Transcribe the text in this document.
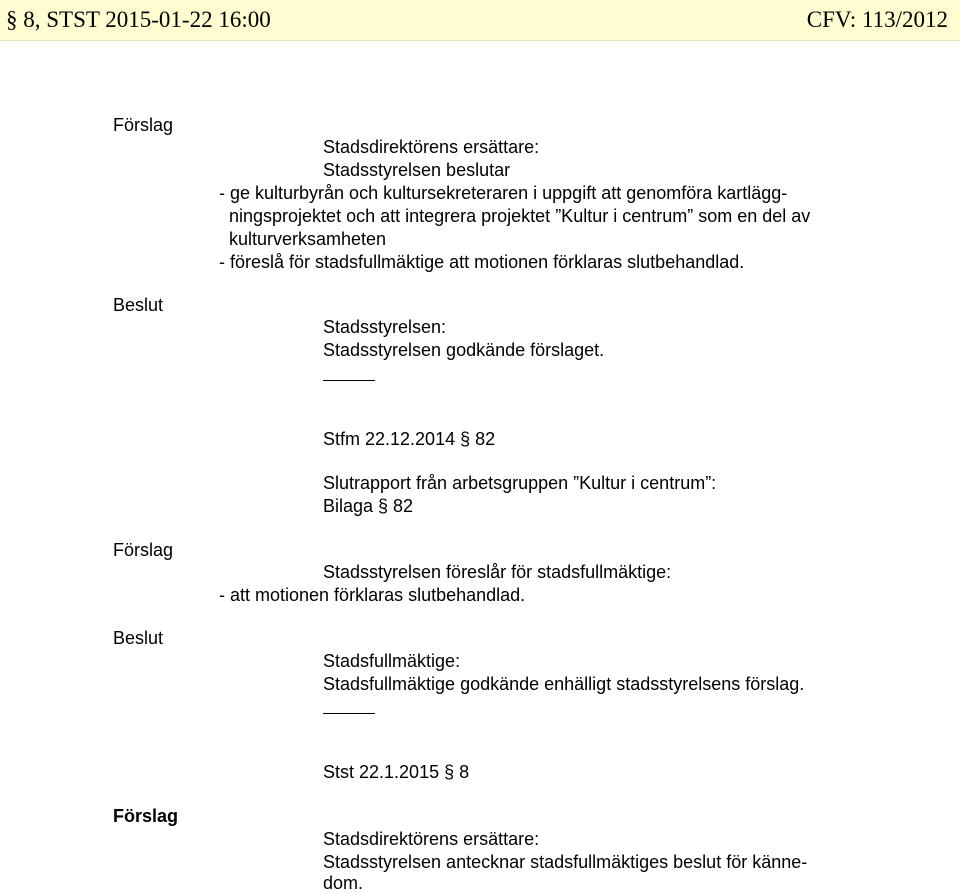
§ 8, STST 2015-01-22 16:00	CFV: 113/2012
Förslag
Stadsdirektörens ersättare:
Stadsstyrelsen beslutar
- ge kulturbyrån och kultursekreteraren i uppgift att genomföra kartlägg-
ningsprojektet och att integrera projektet ”Kultur i centrum” som en del av
kulturverksamheten
- föreslå för stadsfullmäktige att motionen förklaras slutbehandlad.
Beslut
Stadsstyrelsen:
Stadsstyrelsen godkände förslaget.
Stfm 22.12.2014 § 82
Slutrapport från arbetsgruppen ”Kultur i centrum”:
Bilaga § 82
Förslag
Stadsstyrelsen föreslår för stadsfullmäktige:
- att motionen förklaras slutbehandlad.
Beslut
Stadsfullmäktige:
Stadsfullmäktige godkände enhälligt stadsstyrelsens förslag.
Stst 22.1.2015 § 8
Förslag
Stadsdirektörens ersättare:
Stadsstyrelsen antecknar stadsfullmäktiges beslut för känne-
dom.
